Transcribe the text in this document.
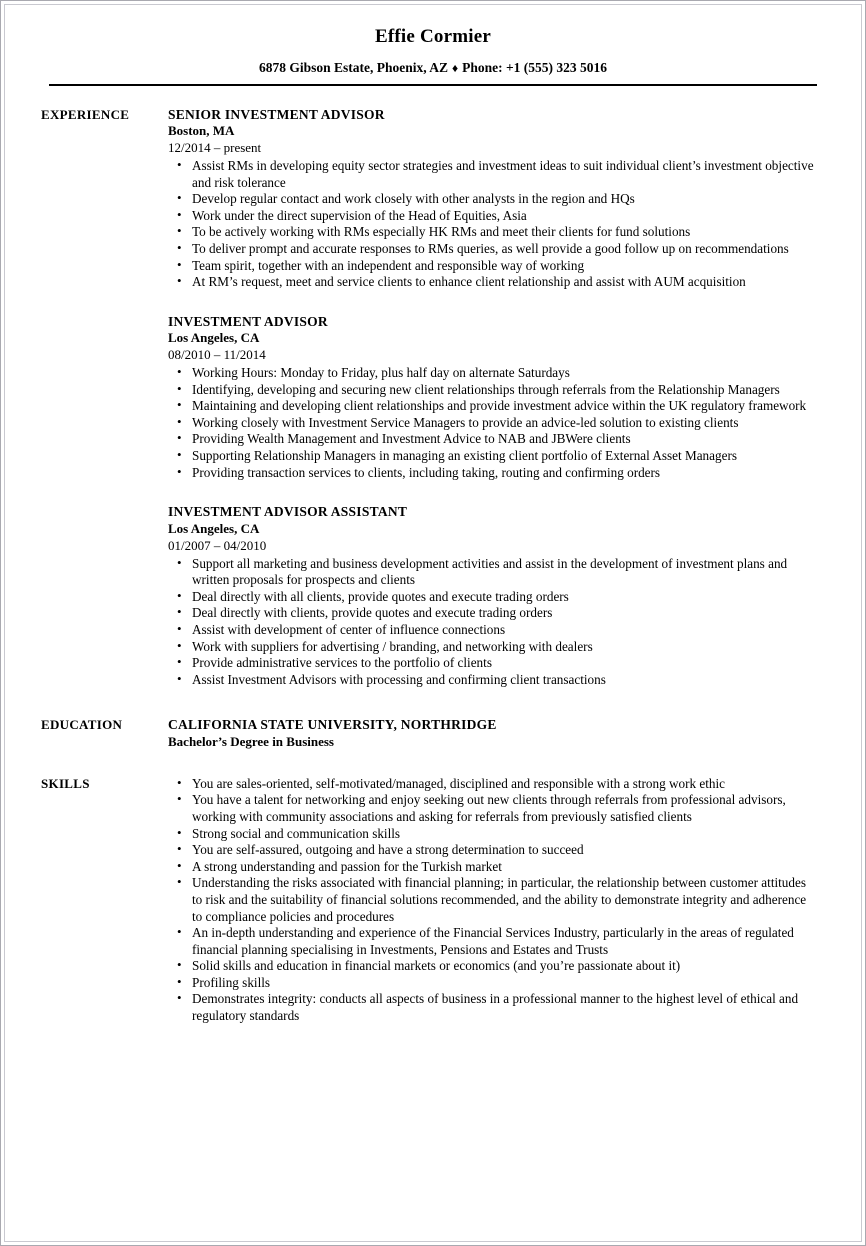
Effie Cormier
6878 Gibson Estate, Phoenix, AZ ♦ Phone: +1 (555) 323 5016
EXPERIENCE	SENIOR INVESTMENT ADVISOR
Boston, MA
12/2014 – present
• Assist RMs in developing equity sector strategies and investment ideas to suit individual client’s investment objective and risk tolerance
• Develop regular contact and work closely with other analysts in the region and HQs
• Work under the direct supervision of the Head of Equities, Asia
• To be actively working with RMs especially HK RMs and meet their clients for fund solutions
• To deliver prompt and accurate responses to RMs queries, as well provide a good follow up on recommendations
• Team spirit, together with an independent and responsible way of working
• At RM’s request, meet and service clients to enhance client relationship and assist with AUM acquisition
INVESTMENT ADVISOR
Los Angeles, CA
08/2010 – 11/2014
• Working Hours: Monday to Friday, plus half day on alternate Saturdays
• Identifying, developing and securing new client relationships through referrals from the Relationship Managers
• Maintaining and developing client relationships and provide investment advice within the UK regulatory framework
• Working closely with Investment Service Managers to provide an advice-led solution to existing clients
• Providing Wealth Management and Investment Advice to NAB and JBWere clients
• Supporting Relationship Managers in managing an existing client portfolio of External Asset Managers
• Providing transaction services to clients, including taking, routing and confirming orders
INVESTMENT ADVISOR ASSISTANT
Los Angeles, CA
01/2007 – 04/2010
• Support all marketing and business development activities and assist in the development of investment plans and written proposals for prospects and clients
• Deal directly with all clients, provide quotes and execute trading orders
• Deal directly with clients, provide quotes and execute trading orders
• Assist with development of center of influence connections
• Work with suppliers for advertising / branding, and networking with dealers
• Provide administrative services to the portfolio of clients
• Assist Investment Advisors with processing and confirming client transactions
EDUCATION	CALIFORNIA STATE UNIVERSITY, NORTHRIDGE
Bachelor’s Degree in Business
SKILLS	• You are sales-oriented, self-motivated/managed, disciplined and responsible with a strong work ethic
• You have a talent for networking and enjoy seeking out new clients through referrals from professional advisors, working with community associations and asking for referrals from previously satisfied clients
• Strong social and communication skills
• You are self-assured, outgoing and have a strong determination to succeed
• A strong understanding and passion for the Turkish market
• Understanding the risks associated with financial planning; in particular, the relationship between customer attitudes to risk and the suitability of financial solutions recommended, and the ability to demonstrate integrity and adherence to compliance policies and procedures
• An in-depth understanding and experience of the Financial Services Industry, particularly in the areas of regulated financial planning specialising in Investments, Pensions and Estates and Trusts
• Solid skills and education in financial markets or economics (and you’re passionate about it)
• Profiling skills
• Demonstrates integrity: conducts all aspects of business in a professional manner to the highest level of ethical and regulatory standards
